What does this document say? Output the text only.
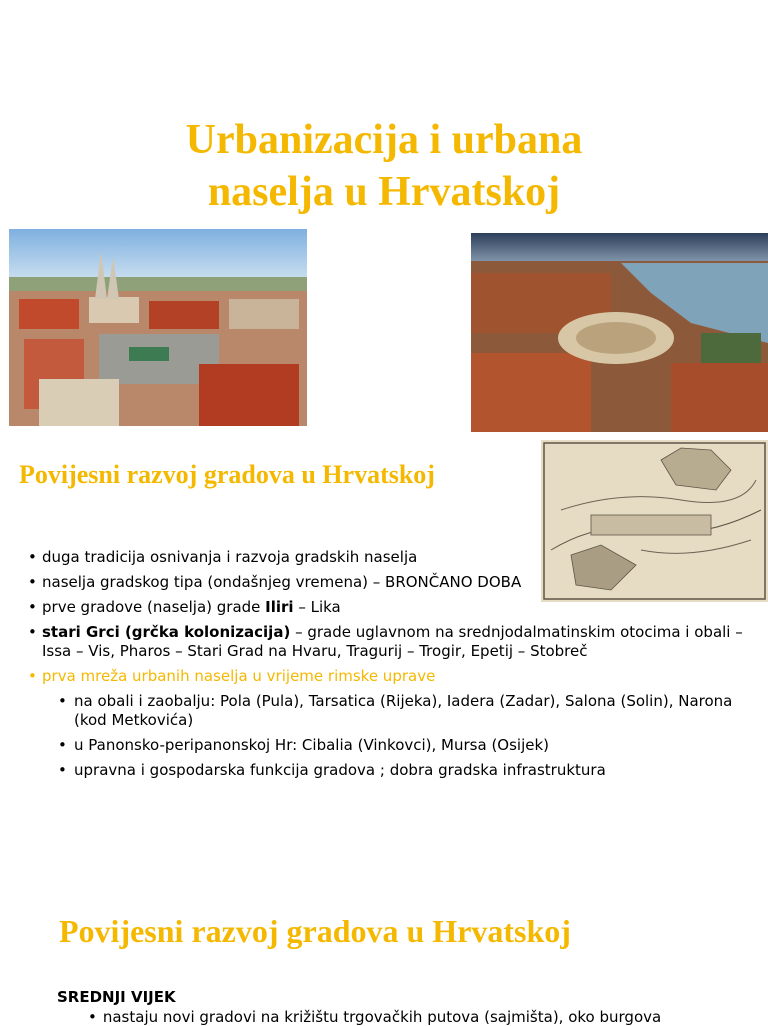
Urbanizacija i urbana
naselja u Hrvatskoj
Povijesni razvoj gradova u Hrvatskoj
• duga tradicija osnivanja i razvoja gradskih naselja
• naselja gradskog tipa (ondašnjeg vremena) – BRONČANO DOBA
• prve gradove (naselja) grade Iliri – Lika
• stari Grci (grčka kolonizacija) – grade uglavnom na srednjodalmatinskim otocima i obali – Issa – Vis, Pharos – Stari Grad na Hvaru, Tragurij – Trogir, Epetij – Stobreč
• prva mreža urbanih naselja u vrijeme rimske uprave
• na obali i zaobalju: Pola (Pula), Tarsatica (Rijeka), Iadera (Zadar), Salona (Solin), Narona (kod Metkovića)
• u Panonsko-peripanonskoj Hr: Cibalia (Vinkovci), Mursa (Osijek)
• upravna i gospodarska funkcija gradova ; dobra gradska infrastruktura
Povijesni razvoj gradova u Hrvatskoj
SREDNJI VIJEK
• nastaju novi gradovi na križištu trgovačkih putova (sajmišta), oko burgova
